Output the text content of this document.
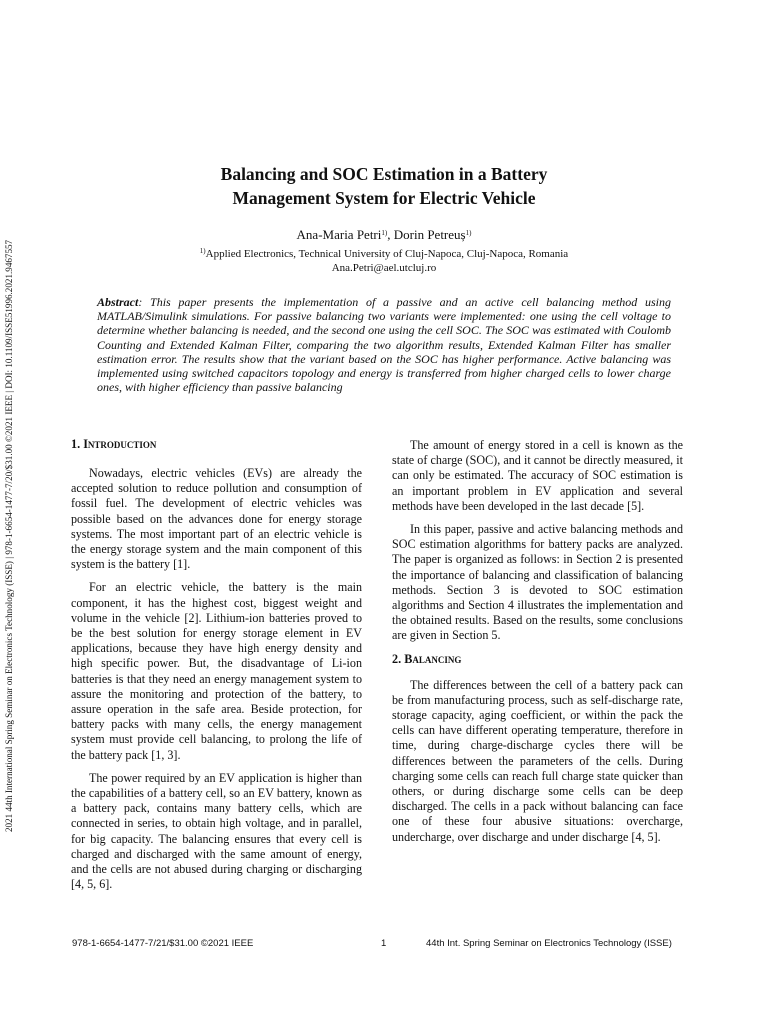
2021 44th International Spring Seminar on Electronics Technology (ISSE) | 978-1-6654-1477-7/20/$31.00 ©2021 IEEE | DOI: 10.1109/ISSE51996.2021.9467557
Balancing and SOC Estimation in a Battery
Management System for Electric Vehicle
Ana-Maria Petri$^{1)}$, Dorin Petreuș$^{1)}$
$^{1)}$Applied Electronics, Technical University of Cluj-Napoca, Cluj-Napoca, Romania
Ana.Petri@ael.utcluj.ro
Abstract: This paper presents the implementation of a passive and an active cell balancing method using MATLAB/Simulink simulations. For passive balancing two variants were implemented: one using the cell voltage to determine whether balancing is needed, and the second one using the cell SOC. The SOC was estimated with Coulomb Counting and Extended Kalman Filter, comparing the two algorithm results, Extended Kalman Filter has smaller estimation error. The results show that the variant based on the SOC has higher performance. Active balancing was implemented using switched capacitors topology and energy is transferred from higher charged cells to lower charge ones, with higher efficiency than passive balancing
1. Introduction

Nowadays, electric vehicles (EVs) are already the accepted solution to reduce pollution and consumption of fossil fuel. The development of electric vehicles was possible based on the advances done for energy storage systems. The most important part of an electric vehicle is the energy storage system and the main component of this system is the battery [1].

For an electric vehicle, the battery is the main component, it has the highest cost, biggest weight and volume in the vehicle [2]. Lithium-ion batteries proved to be the best solution for energy storage element in EV applications, because they have high energy density and high specific power. But, the disadvantage of Li-ion batteries is that they need an energy management system to assure the monitoring and protection of the battery, to assure operation in the safe area. Beside protection, for battery packs with many cells, the energy management system must provide cell balancing, to prolong the life of the battery pack [1, 3].

The power required by an EV application is higher than the capabilities of a battery cell, so an EV battery, known as a battery pack, contains many battery cells, which are connected in series, to obtain high voltage, and in parallel, for big capacity. The balancing ensures that every cell is charged and discharged with the same amount of energy, and the cells are not abused during charging or discharging [4, 5, 6].

The amount of energy stored in a cell is known as the state of charge (SOC), and it cannot be directly measured, it can only be estimated. The accuracy of SOC estimation is an important problem in EV application and several methods have been developed in the last decade [5].

In this paper, passive and active balancing methods and SOC estimation algorithms for battery packs are analyzed. The paper is organized as follows: in Section 2 is presented the importance of balancing and classification of balancing methods. Section 3 is devoted to SOC estimation algorithms and Section 4 illustrates the implementation and the obtained results. Based on the results, some conclusions are given in Section 5.

2. Balancing

The differences between the cell of a battery pack can be from manufacturing process, such as self-discharge rate, storage capacity, aging coefficient, or within the pack the cells can have different operating temperature, therefore in time, during charge-discharge cycles there will be differences between the parameters of the cells. During charging some cells can reach full charge state quicker than others, or during discharge some cells can be deep discharged. The cells in a pack without balancing can face one of these four abusive situations: overcharge, undercharge, over discharge and under discharge [4, 5].

978-1-6654-1477-7/21/$31.00 ©2021 IEEE	1	44th Int. Spring Seminar on Electronics Technology (ISSE)
